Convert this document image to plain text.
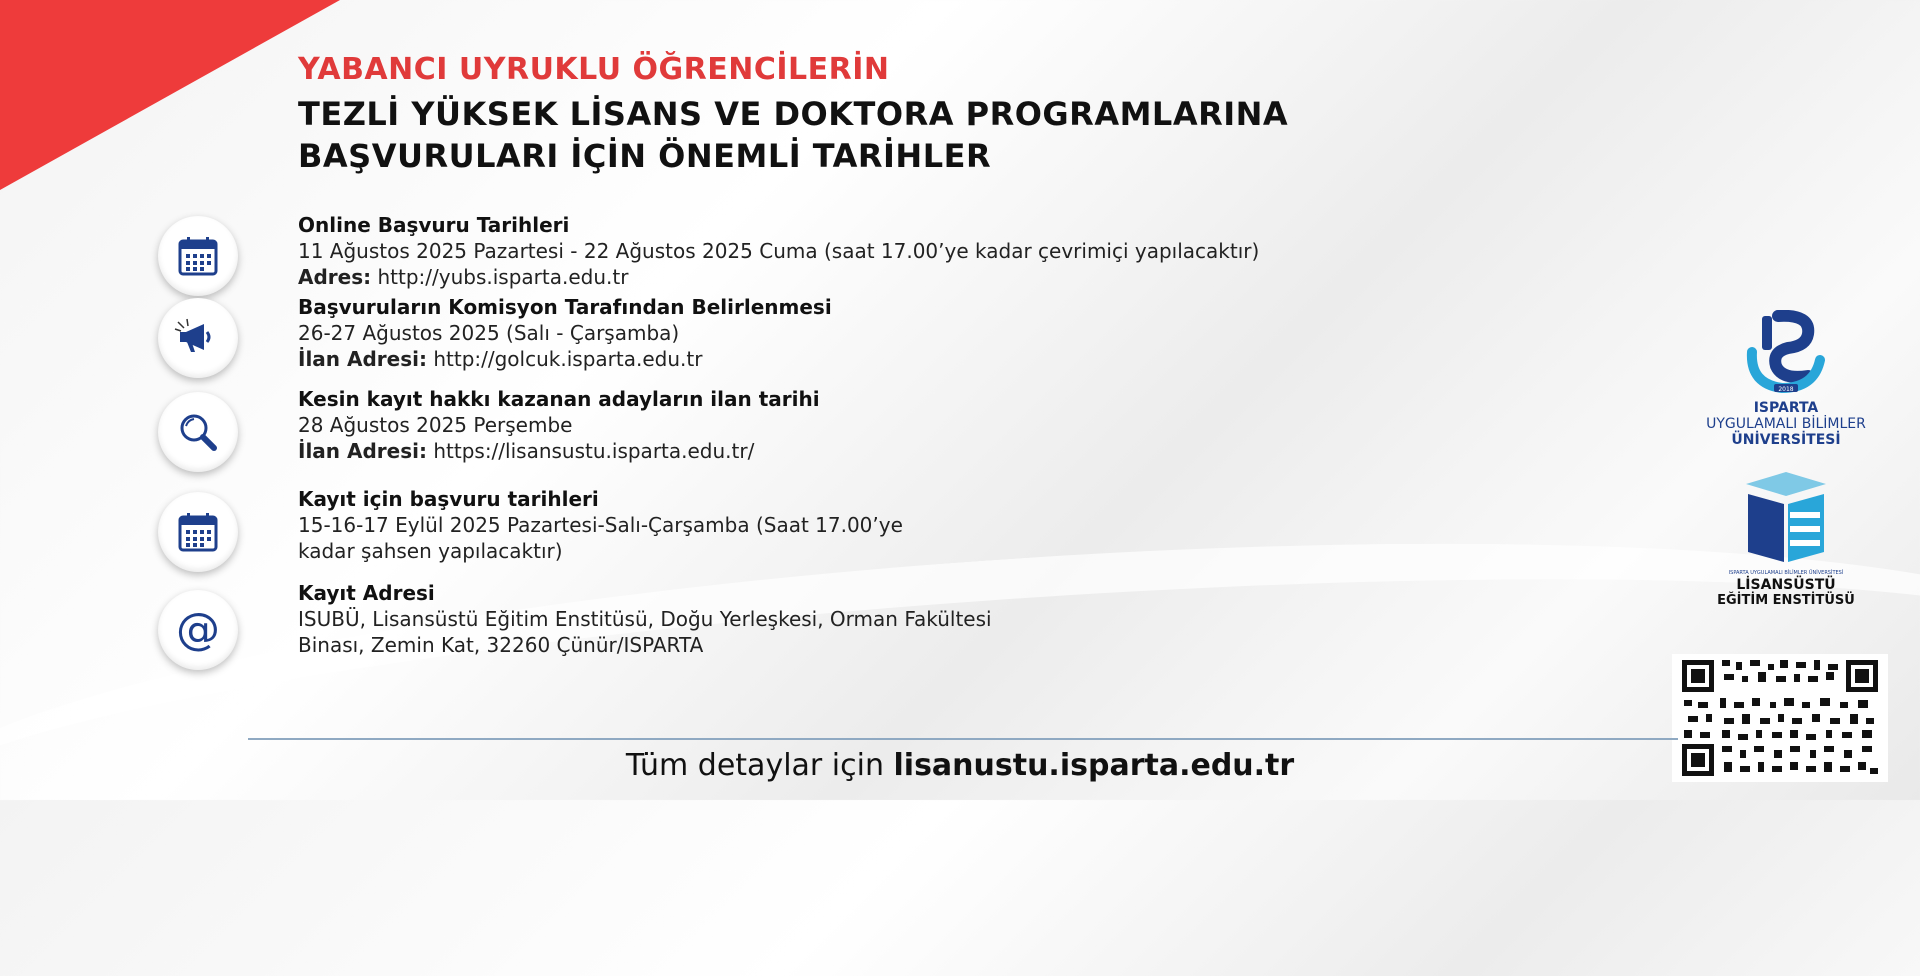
YABANCI UYRUKLU ÖĞRENCİLERİN
TEZLİ YÜKSEK LİSANS VE DOKTORA PROGRAMLARINA
BAŞVURULARI İÇİN ÖNEMLİ TARİHLER
Online Başvuru Tarihleri
11 Ağustos 2025 Pazartesi - 22 Ağustos 2025 Cuma (saat 17.00’ye kadar çevrimiçi yapılacaktır)
Adres: http://yubs.isparta.edu.tr
Başvuruların Komisyon Tarafından Belirlenmesi
26-27 Ağustos 2025 (Salı - Çarşamba)
İlan Adresi: http://golcuk.isparta.edu.tr
Kesin kayıt hakkı kazanan adayların ilan tarihi
28 Ağustos 2025 Perşembe
İlan Adresi: https://lisansustu.isparta.edu.tr/
Kayıt için başvuru tarihleri
15-16-17 Eylül 2025 Pazartesi-Salı-Çarşamba (Saat 17.00’ye
kadar şahsen yapılacaktır)
@
Kayıt Adresi
ISUBÜ, Lisansüstü Eğitim Enstitüsü, Doğu Yerleşkesi, Orman Fakültesi
Binası, Zemin Kat, 32260 Çünür/ISPARTA
2018
ISPARTA
UYGULAMALI BİLİMLER
ÜNİVERSİTESİ
ISPARTA UYGULAMALI BİLİMLER ÜNİVERSİTESİ
LİSANSÜSTÜ
EĞİTİM ENSTİTÜSÜ
Tüm detaylar için lisanustu.isparta.edu.tr
